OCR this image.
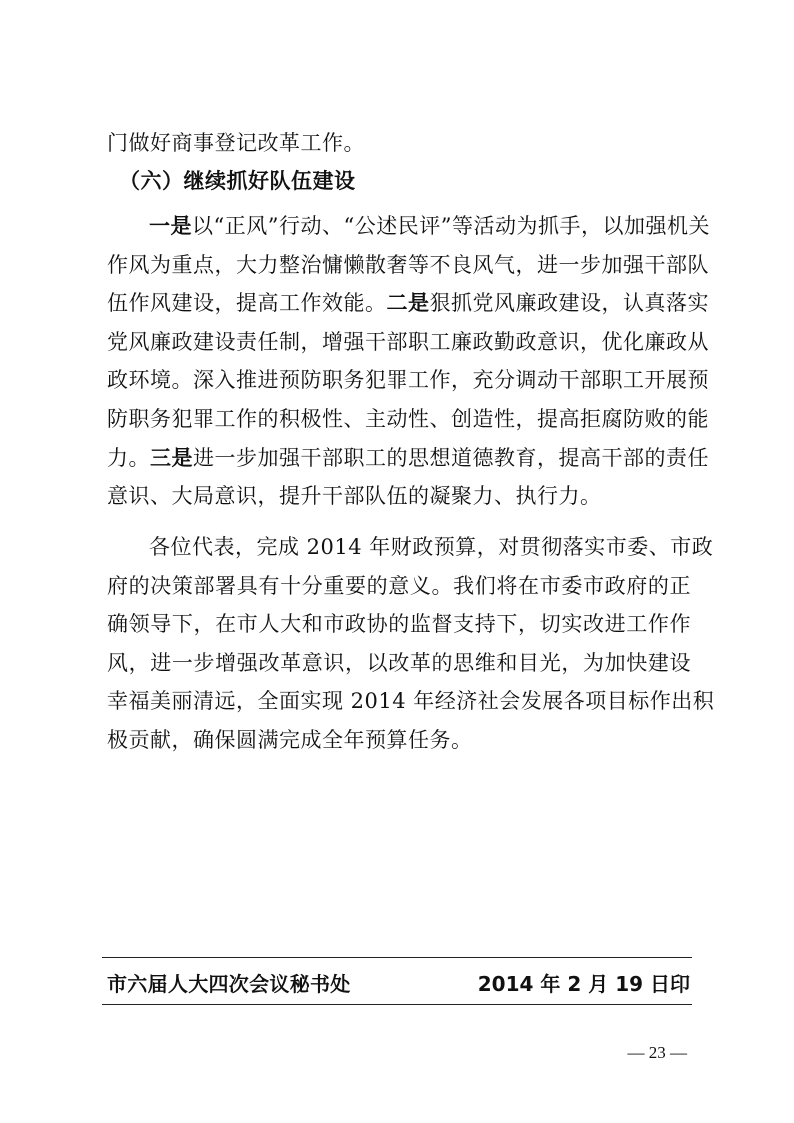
门做好商事登记改革工作。
（六）继续抓好队伍建设
一是以“正风”行动、“公述民评”等活动为抓手，以加强机关
作风为重点，大力整治慵懒散奢等不良风气，进一步加强干部队
伍作风建设，提高工作效能。二是狠抓党风廉政建设，认真落实
党风廉政建设责任制，增强干部职工廉政勤政意识，优化廉政从
政环境。深入推进预防职务犯罪工作，充分调动干部职工开展预
防职务犯罪工作的积极性、主动性、创造性，提高拒腐防败的能
力。三是进一步加强干部职工的思想道德教育，提高干部的责任
意识、大局意识，提升干部队伍的凝聚力、执行力。
各位代表，完成 2014 年财政预算，对贯彻落实市委、市政
府的决策部署具有十分重要的意义。我们将在市委市政府的正
确领导下，在市人大和市政协的监督支持下，切实改进工作作
风，进一步增强改革意识，以改革的思维和目光，为加快建设
幸福美丽清远，全面实现 2014 年经济社会发展各项目标作出积
极贡献，确保圆满完成全年预算任务。
市六届人大四次会议秘书处	2014 年 2 月 19 日印
— 23 —
